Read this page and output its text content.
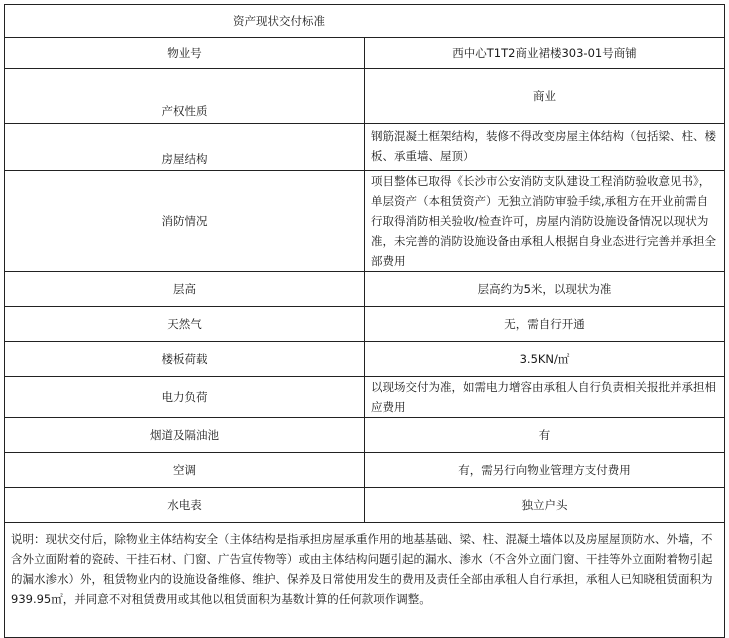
资产现状交付标准	
物业号	西中心T1T2商业裙楼303-01号商铺
产权性质	商业
房屋结构	钢筋混凝土框架结构，装修不得改变房屋主体结构（包括梁、柱、楼板、承重墙、屋顶）
消防情况	项目整体已取得《长沙市公安消防支队建设工程消防验收意见书》，单层资产（本租赁资产）无独立消防审验手续,承租方在开业前需自行取得消防相关验收/检查许可，房屋内消防设施设备情况以现状为准，未完善的消防设施设备由承租人根据自身业态进行完善并承担全部费用
层高	层高约为5米，以现状为准
天然气	无，需自行开通
楼板荷载	3.5KN/㎡
电力负荷	以现场交付为准，如需电力增容由承租人自行负责相关报批并承担相应费用
烟道及隔油池	有
空调	有，需另行向物业管理方支付费用
水电表	独立户头
说明：现状交付后，除物业主体结构安全（主体结构是指承担房屋承重作用的地基基础、梁、柱、混凝土墙体以及房屋屋顶防水、外墙，不含外立面附着的瓷砖、干挂石材、门窗、广告宣传物等）或由主体结构问题引起的漏水、渗水（不含外立面门窗、干挂等外立面附着物引起的漏水渗水）外，租赁物业内的设施设备维修、维护、保养及日常使用发生的费用及责任全部由承租人自行承担，承租人已知晓租赁面积为939.95㎡，并同意不对租赁费用或其他以租赁面积为基数计算的任何款项作调整。	
